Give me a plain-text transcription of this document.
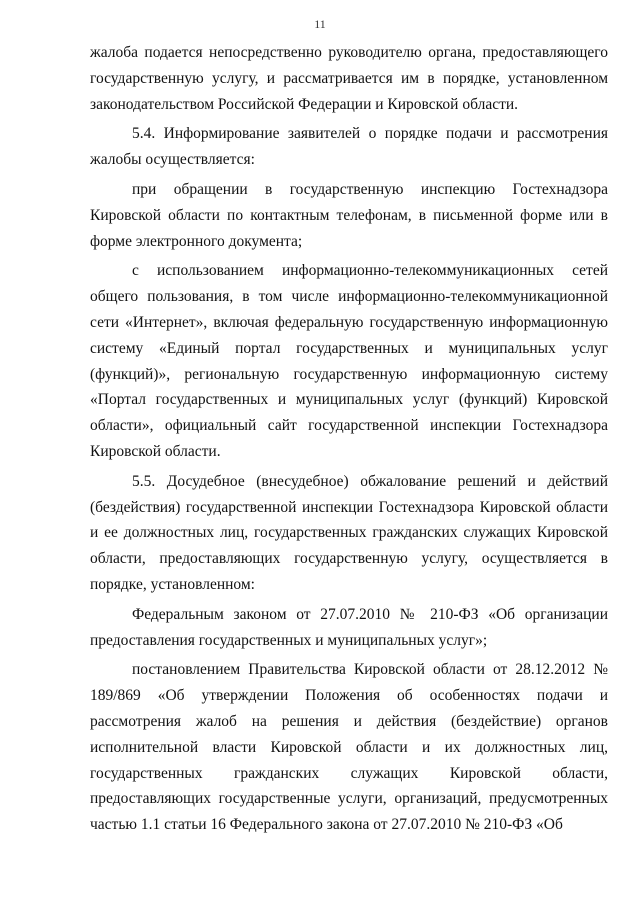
11

жалоба подается непосредственно руководителю органа, предоставляющего государственную услугу, и рассматривается им в порядке, установленном законодательством Российской Федерации и Кировской области.

5.4. Информирование заявителей о порядке подачи и рассмотрения жалобы осуществляется:

при обращении в государственную инспекцию Гостехнадзора Кировской области по контактным телефонам, в письменной форме или в форме электронного документа;

с использованием информационно-телекоммуникационных сетей общего пользования, в том числе информационно-телекоммуникационной сети «Интернет», включая федеральную государственную информационную систему «Единый портал государственных и муниципальных услуг (функций)», региональную государственную информационную систему «Портал государственных и муниципальных услуг (функций) Кировской области», официальный сайт государственной инспекции Гостехнадзора Кировской области.

5.5. Досудебное (внесудебное) обжалование решений и действий (бездействия) государственной инспекции Гостехнадзора Кировской области и ее должностных лиц, государственных гражданских служащих Кировской области, предоставляющих государственную услугу, осуществляется в порядке, установленном:

Федеральным законом от 27.07.2010 № 210-ФЗ «Об организации предоставления государственных и муниципальных услуг»;

постановлением Правительства Кировской области от 28.12.2012 № 189/869 «Об утверждении Положения об особенностях подачи и рассмотрения жалоб на решения и действия (бездействие) органов исполнительной власти Кировской области и их должностных лиц, государственных гражданских служащих Кировской области, предоставляющих государственные услуги, организаций, предусмотренных частью 1.1 статьи 16 Федерального закона от 27.07.2010 № 210-ФЗ «Об
